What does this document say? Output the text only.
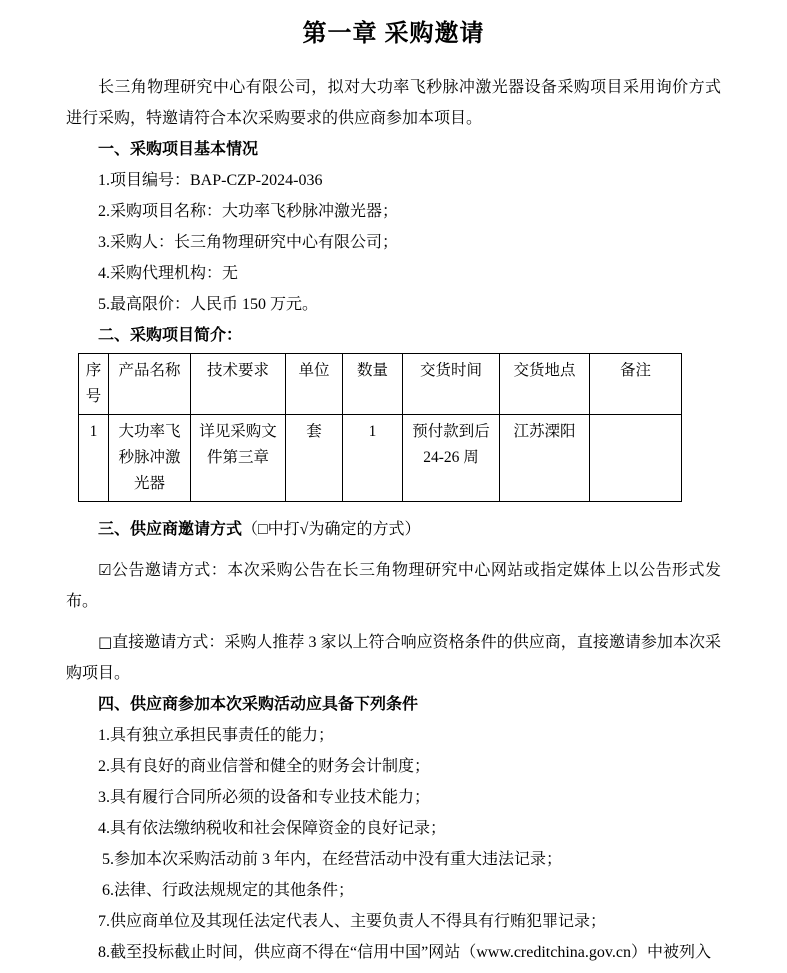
第一章 采购邀请

长三角物理研究中心有限公司，拟对大功率飞秒脉冲激光器设备采购项目采用询价方式进行采购，特邀请符合本次采购要求的供应商参加本项目。

一、采购项目基本情况

1.项目编号：BAP-CZP-2024-036

2.采购项目名称：大功率飞秒脉冲激光器；

3.采购人：长三角物理研究中心有限公司；

4.采购代理机构：无

5.最高限价：人民币 150 万元。

二、采购项目简介：

序号	产品名称	技术要求	单位	数量	交货时间	交货地点	备注
1	大功率飞秒脉冲激光器	详见采购文件第三章	套	1	预付款到后 24-26 周	江苏溧阳	

三、供应商邀请方式（□中打√为确定的方式）

☑公告邀请方式：本次采购公告在长三角物理研究中心网站或指定媒体上以公告形式发布。

□直接邀请方式：采购人推荐 3 家以上符合响应资格条件的供应商，直接邀请参加本次采购项目。

四、供应商参加本次采购活动应具备下列条件

1.具有独立承担民事责任的能力；

2.具有良好的商业信誉和健全的财务会计制度；

3.具有履行合同所必须的设备和专业技术能力；

4.具有依法缴纳税收和社会保障资金的良好记录；

5.参加本次采购活动前 3 年内，在经营活动中没有重大违法记录；

6.法律、行政法规规定的其他条件；

7.供应商单位及其现任法定代表人、主要负责人不得具有行贿犯罪记录；

8.截至投标截止时间，供应商不得在“信用中国”网站（www.creditchina.gov.cn）中被列入
